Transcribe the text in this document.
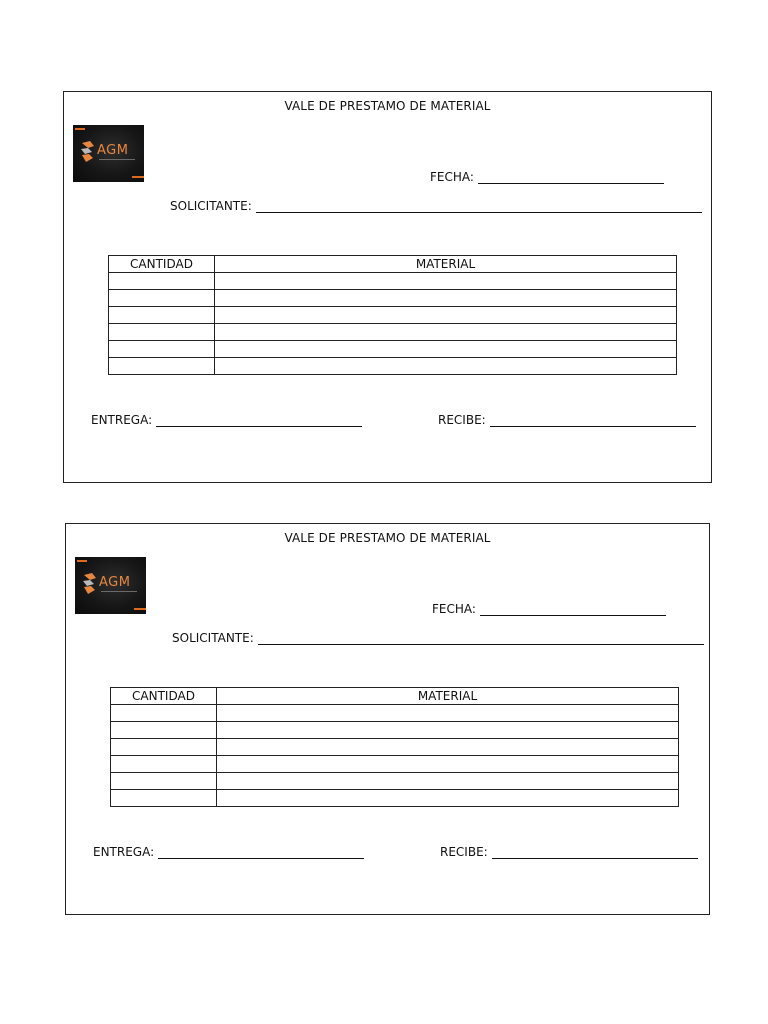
VALE DE PRESTAMO DE MATERIAL
AGM
FECHA:
SOLICITANTE:
CANTIDAD	MATERIAL

ENTREGA:	RECIBE:
VALE DE PRESTAMO DE MATERIAL
AGM
FECHA:
SOLICITANTE:
CANTIDAD	MATERIAL

ENTREGA:	RECIBE:
